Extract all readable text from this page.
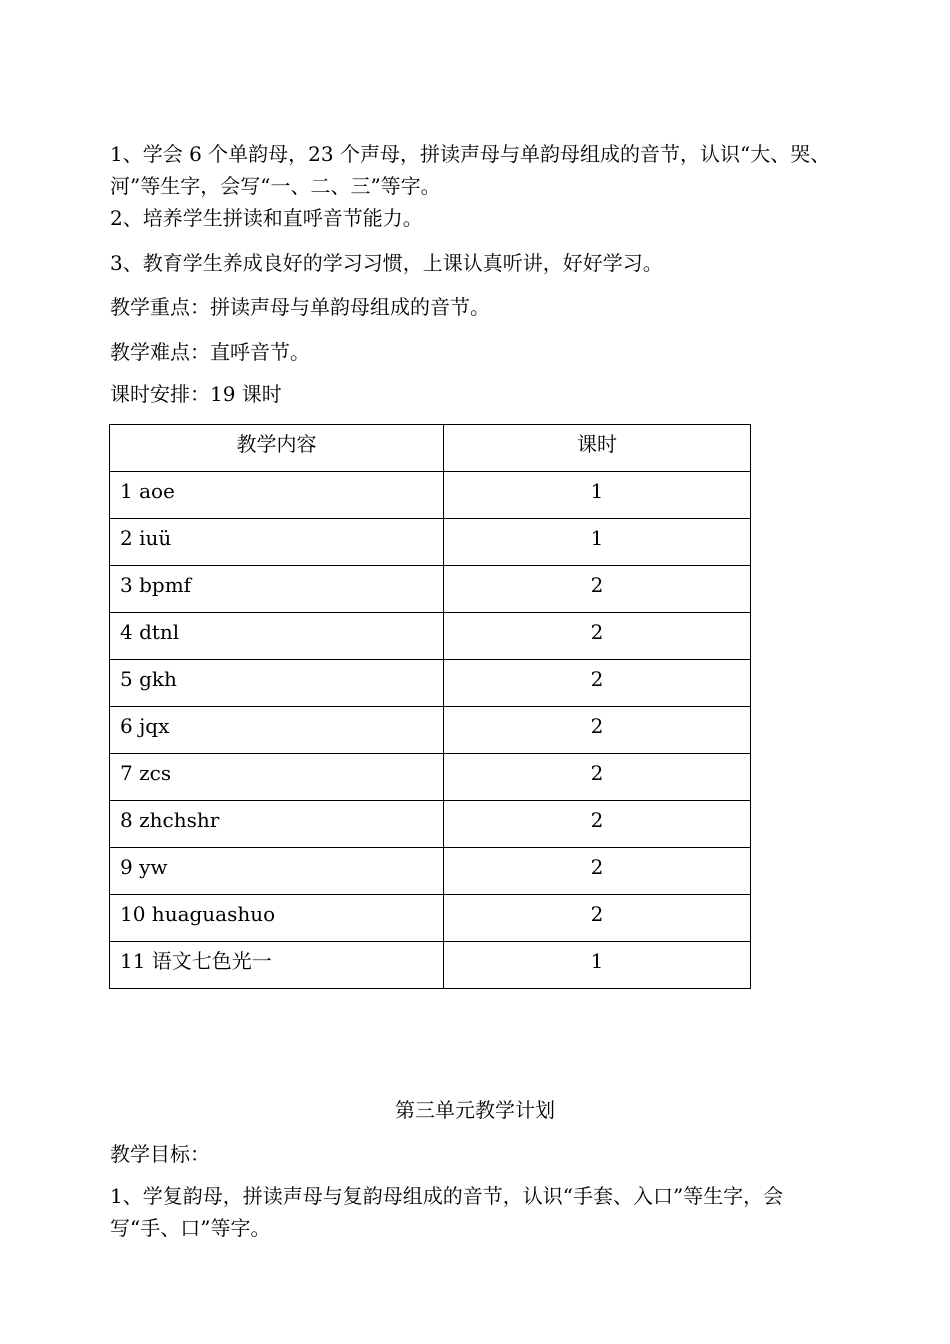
1、学会 6 个单韵母，23 个声母，拼读声母与单韵母组成的音节，认识“大、哭、河”等生字，会写“一、二、三”等字。

2、培养学生拼读和直呼音节能力。

3、教育学生养成良好的学习习惯，上课认真听讲，好好学习。

教学重点：拼读声母与单韵母组成的音节。

教学难点：直呼音节。

课时安排：19 课时

教学内容	课时
1 aoe	1
2 iuü	1
3 bpmf	2
4 dtnl	2
5 gkh	2
6 jqx	2
7 zcs	2
8 zhchshr	2
9 yw	2
10 huaguashuo	2
11 语文七色光一	1
第三单元教学计划

教学目标：

1、学复韵母，拼读声母与复韵母组成的音节，认识“手套、入口”等生字，会写“手、口”等字。
